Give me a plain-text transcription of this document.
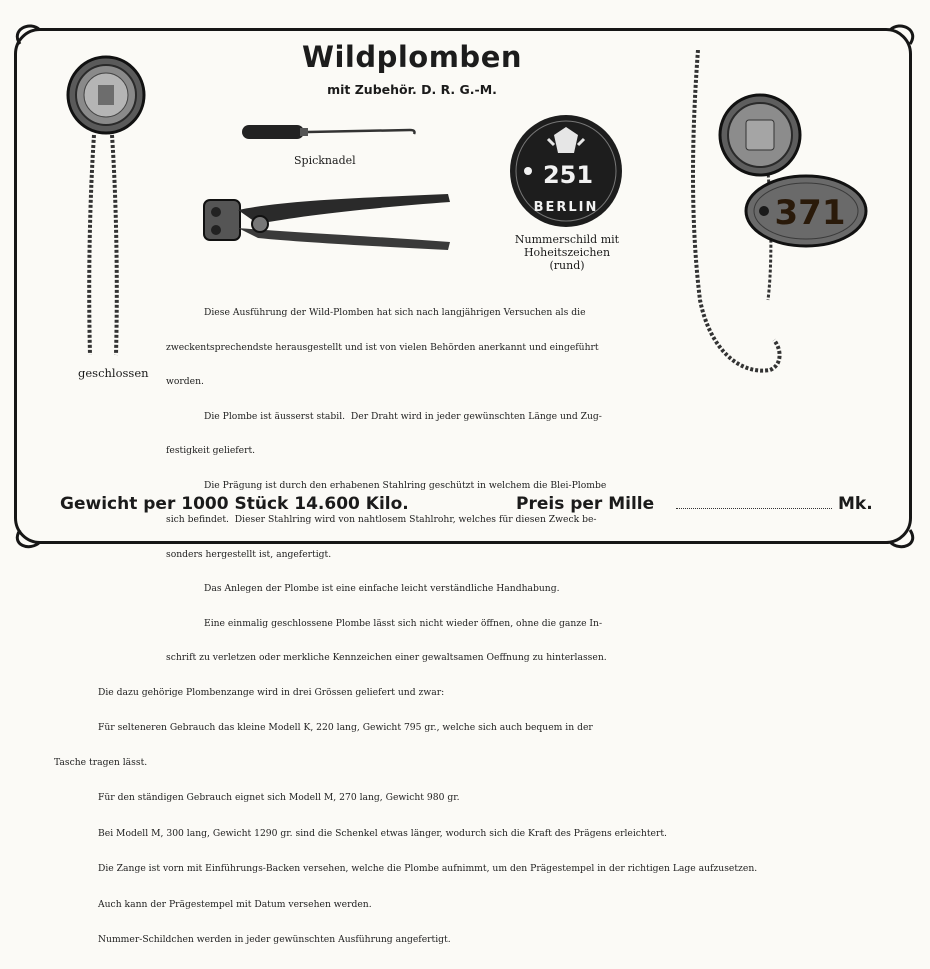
Wildplomben
mit Zubehör. D. R. G.-M.
Spicknadel
251
BERLIN
Nummerschild mit
Hoheitszeichen
(rund)
371
geschlossen

Diese Ausführung der Wild-Plomben hat sich nach langjährigen Versuchen als die

zweckentsprechendste herausgestellt und ist von vielen Behörden anerkannt und eingeführt

worden.

Die Plombe ist äusserst stabil.  Der Draht wird in jeder gewünschten Länge und Zug-

festigkeit geliefert.

Die Prägung ist durch den erhabenen Stahlring geschützt in welchem die Blei-Plombe

sich befindet.  Dieser Stahlring wird von nahtlosem Stahlrohr, welches für diesen Zweck be-

sonders hergestellt ist, angefertigt.

Das Anlegen der Plombe ist eine einfache leicht verständliche Handhabung.

Eine einmalig geschlossene Plombe lässt sich nicht wieder öffnen, ohne die ganze In-

schrift zu verletzen oder merkliche Kennzeichen einer gewaltsamen Oeffnung zu hinterlassen.

Die dazu gehörige Plombenzange wird in drei Grössen geliefert und zwar:

Für selteneren Gebrauch das kleine Modell K, 220 lang, Gewicht 795 gr., welche sich auch bequem in der

Tasche tragen lässt.

Für den ständigen Gebrauch eignet sich Modell M, 270 lang, Gewicht 980 gr.

Bei Modell M, 300 lang, Gewicht 1290 gr. sind die Schenkel etwas länger, wodurch sich die Kraft des Prägens erleichtert.

Die Zange ist vorn mit Einführungs-Backen versehen, welche die Plombe aufnimmt, um den Prägestempel in der richtigen Lage aufzusetzen.

Auch kann der Prägestempel mit Datum versehen werden.

Nummer-Schildchen werden in jeder gewünschten Ausführung angefertigt.

Gewicht per 1000 Stück 14.600 Kilo.	Preis per Mille	Mk.
